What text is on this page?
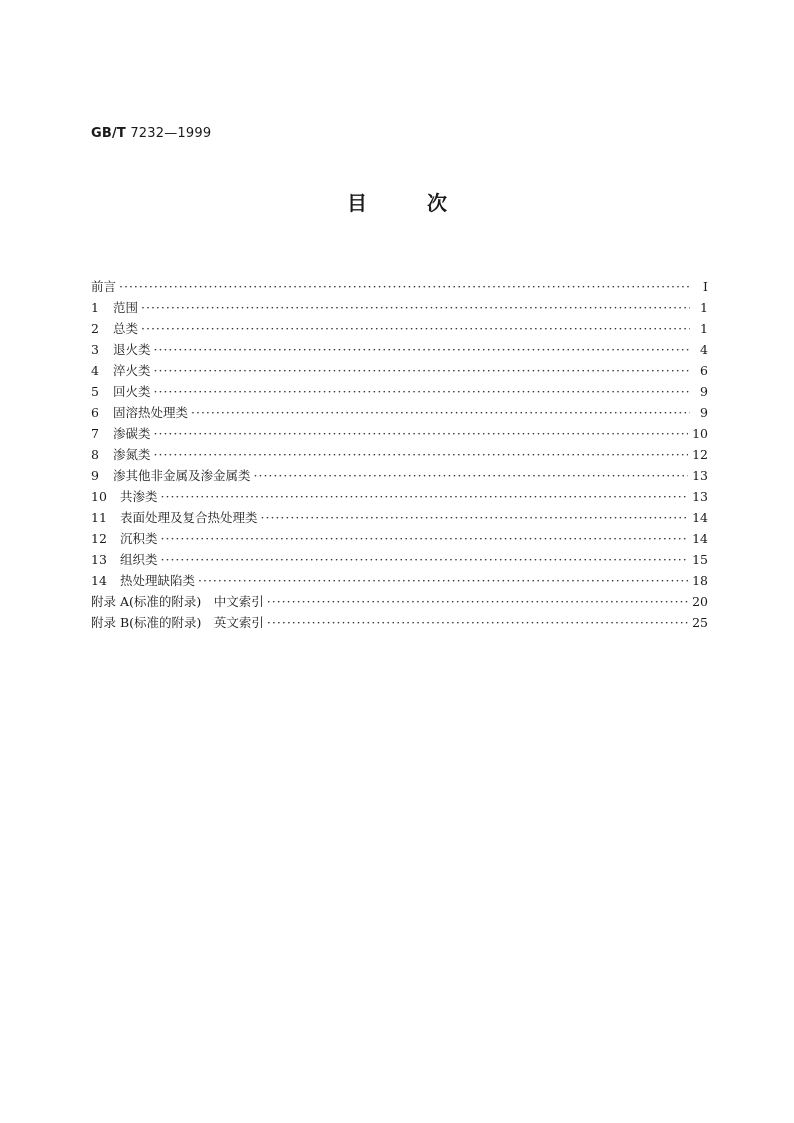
GB/T 7232—1999
目次
前言 ·····	Ⅰ
1 范围 ·····	1
2 总类 ·····	1
3 退火类 ·····	4
4 淬火类 ·····	6
5 回火类 ·····	9
6 固溶热处理类 ·····	9
7 渗碳类 ·····	10
8 渗氮类 ·····	12
9 渗其他非金属及渗金属类 ·····	13
10 共渗类 ·····	13
11 表面处理及复合热处理类 ·····	14
12 沉积类 ·····	14
13 组织类 ·····	15
14 热处理缺陷类 ·····	18
附录 A(标准的附录)　中文索引 ·····	20
附录 B(标准的附录)　英文索引 ·····	25
